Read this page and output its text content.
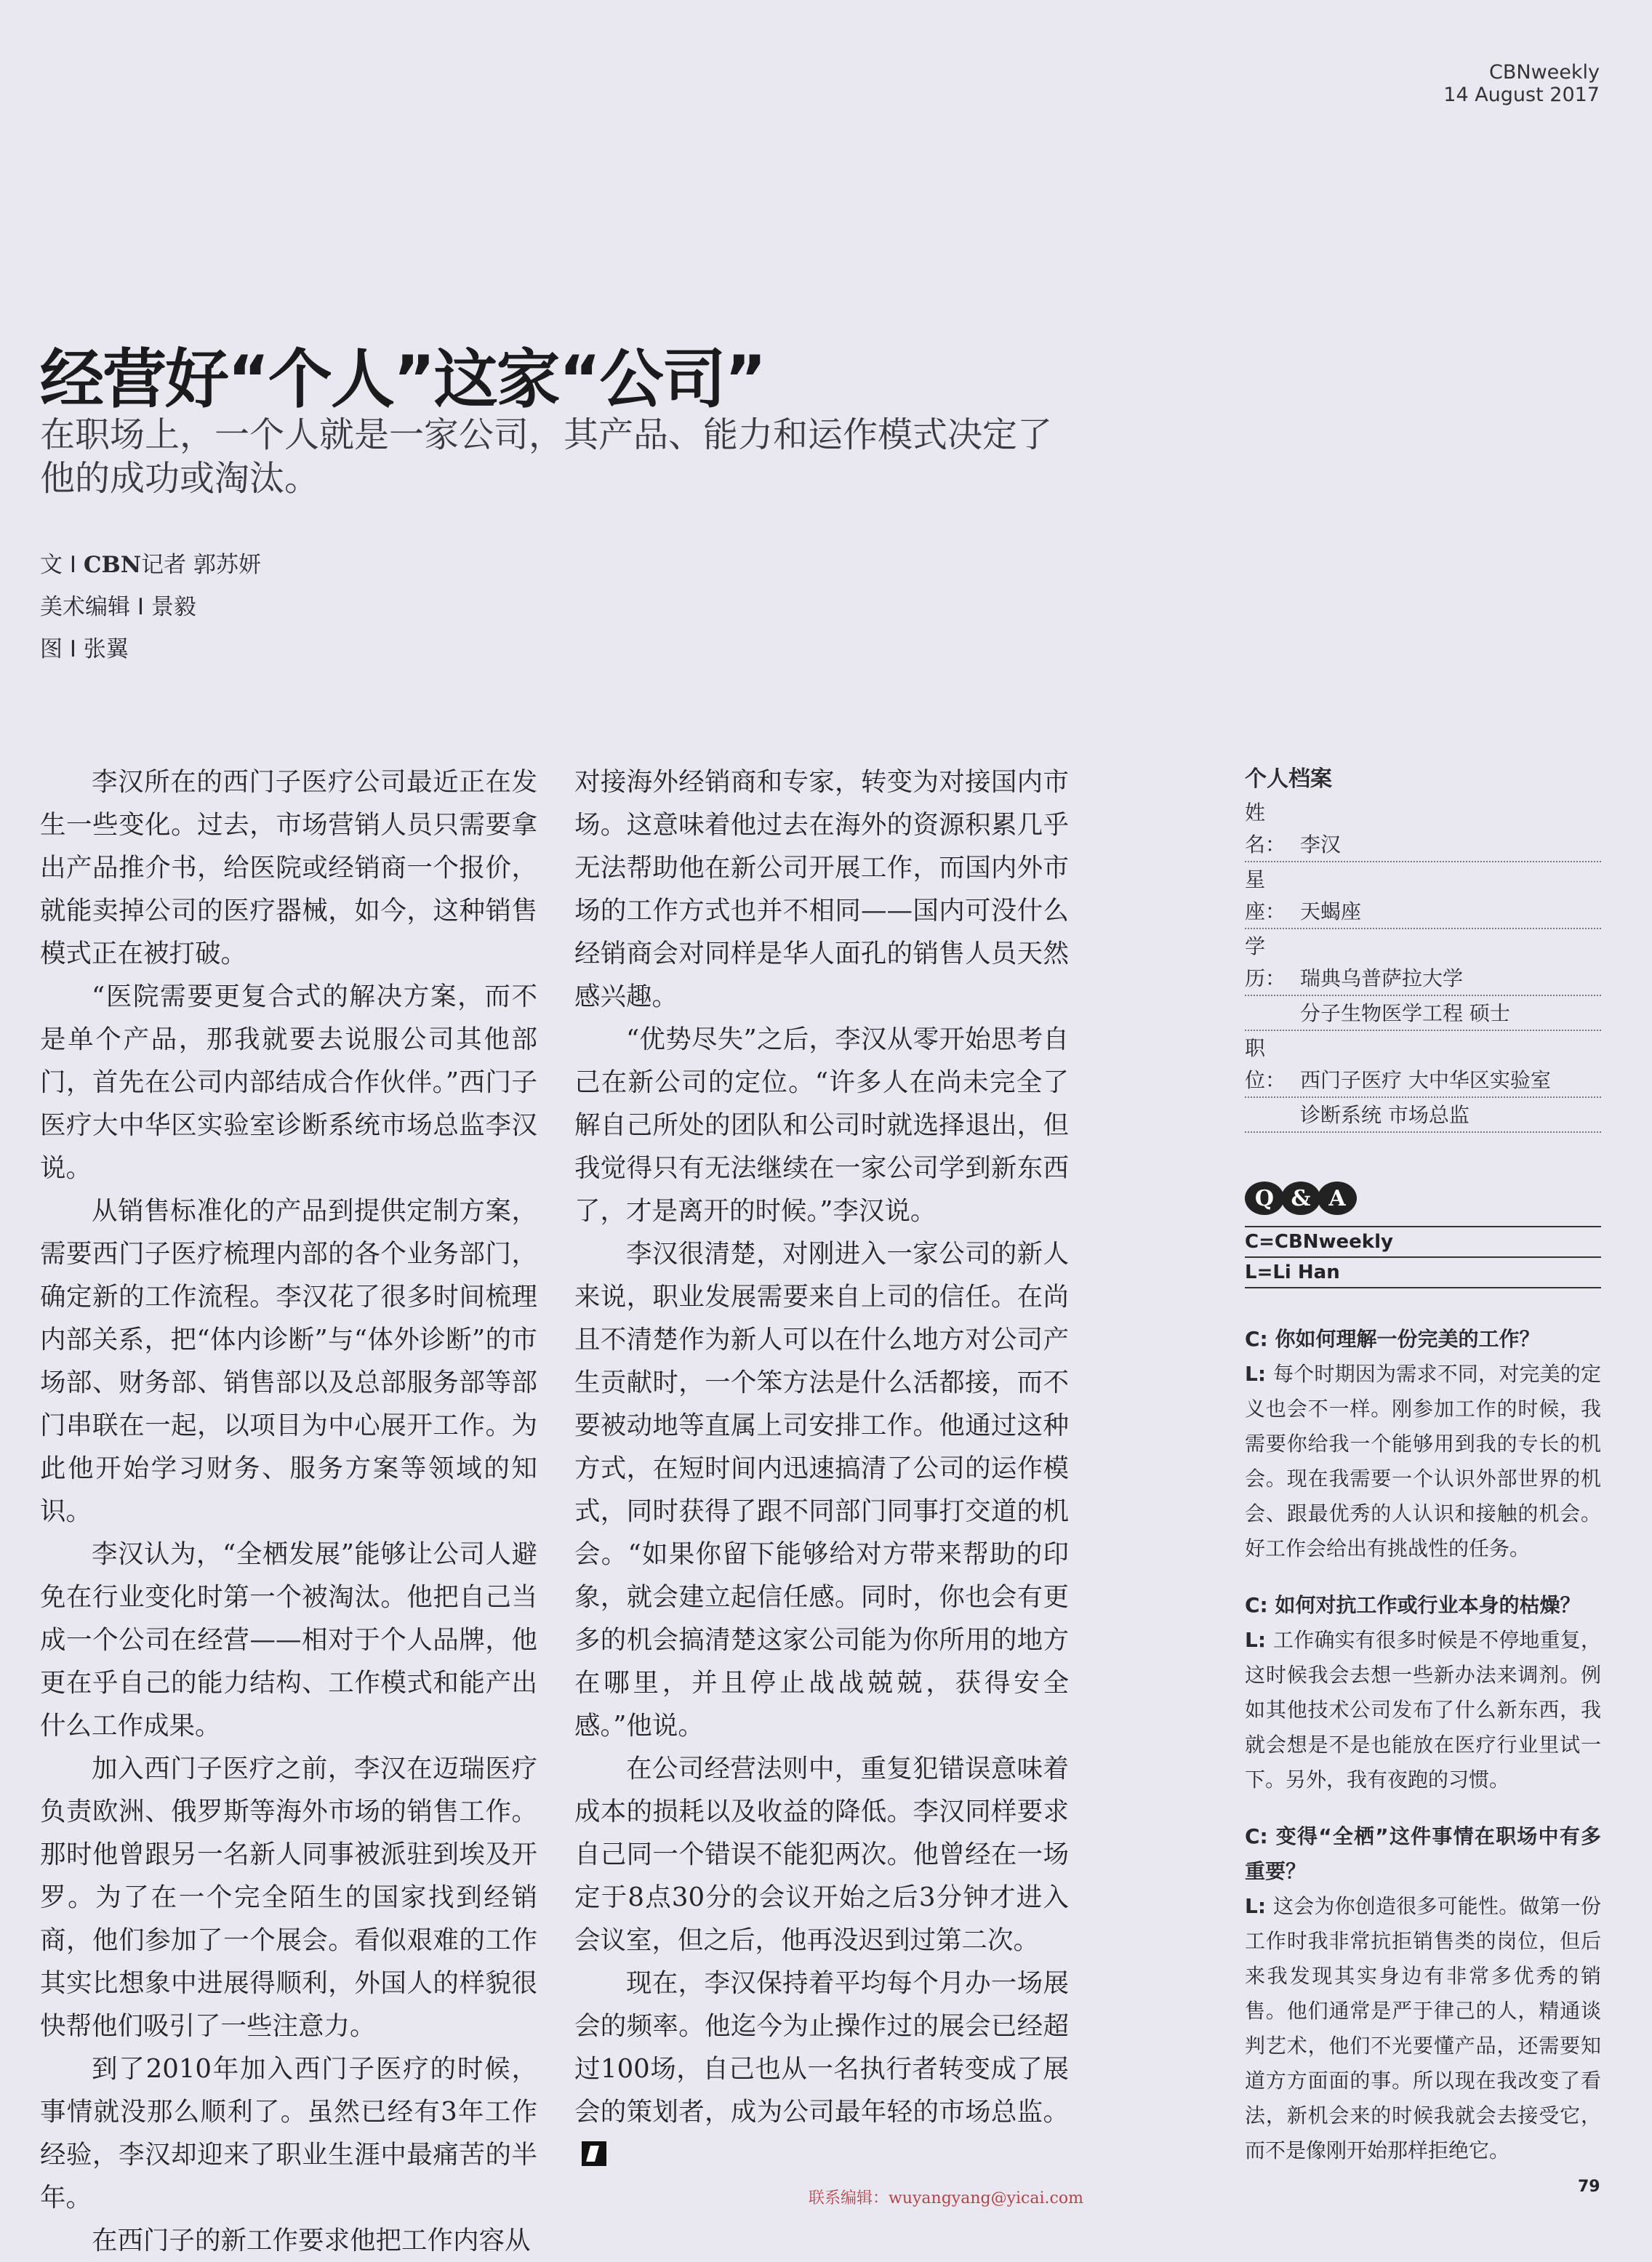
CBNweekly
14 August 2017
经营好“个人”这家“公司”

在职场上，一个人就是一家公司，其产品、能力和运作模式决定了他的成功或淘汰。

文 I CBN记者 郭苏妍
美术编辑 I 景毅
图 I 张翼

李汉所在的西门子医疗公司最近正在发生一些变化。过去，市场营销人员只需要拿出产品推介书，给医院或经销商一个报价，就能卖掉公司的医疗器械，如今，这种销售模式正在被打破。

“医院需要更复合式的解决方案，而不是单个产品，那我就要去说服公司其他部门，首先在公司内部结成合作伙伴。”西门子医疗大中华区实验室诊断系统市场总监李汉说。

从销售标准化的产品到提供定制方案，需要西门子医疗梳理内部的各个业务部门，确定新的工作流程。李汉花了很多时间梳理内部关系，把“体内诊断”与“体外诊断”的市场部、财务部、销售部以及总部服务部等部门串联在一起，以项目为中心展开工作。为此他开始学习财务、服务方案等领域的知识。

李汉认为，“全栖发展”能够让公司人避免在行业变化时第一个被淘汰。他把自己当成一个公司在经营——相对于个人品牌，他更在乎自己的能力结构、工作模式和能产出什么工作成果。

加入西门子医疗之前，李汉在迈瑞医疗负责欧洲、俄罗斯等海外市场的销售工作。那时他曾跟另一名新人同事被派驻到埃及开罗。为了在一个完全陌生的国家找到经销商，他们参加了一个展会。看似艰难的工作其实比想象中进展得顺利，外国人的样貌很快帮他们吸引了一些注意力。

到了2010年加入西门子医疗的时候，事情就没那么顺利了。虽然已经有3年工作经验，李汉却迎来了职业生涯中最痛苦的半年。

在西门子的新工作要求他把工作内容从

对接海外经销商和专家，转变为对接国内市场。这意味着他过去在海外的资源积累几乎无法帮助他在新公司开展工作，而国内外市场的工作方式也并不相同——国内可没什么经销商会对同样是华人面孔的销售人员天然感兴趣。

“优势尽失”之后，李汉从零开始思考自己在新公司的定位。“许多人在尚未完全了解自己所处的团队和公司时就选择退出，但我觉得只有无法继续在一家公司学到新东西了，才是离开的时候。”李汉说。

李汉很清楚，对刚进入一家公司的新人来说，职业发展需要来自上司的信任。在尚且不清楚作为新人可以在什么地方对公司产生贡献时，一个笨方法是什么活都接，而不要被动地等直属上司安排工作。他通过这种方式，在短时间内迅速搞清了公司的运作模式，同时获得了跟不同部门同事打交道的机会。“如果你留下能够给对方带来帮助的印象，就会建立起信任感。同时，你也会有更多的机会搞清楚这家公司能为你所用的地方在哪里，并且停止战战兢兢，获得安全感。”他说。

在公司经营法则中，重复犯错误意味着成本的损耗以及收益的降低。李汉同样要求自己同一个错误不能犯两次。他曾经在一场定于8点30分的会议开始之后3分钟才进入会议室，但之后，他再没迟到过第二次。

现在，李汉保持着平均每个月办一场展会的频率。他迄今为止操作过的展会已经超过100场，自己也从一名执行者转变成了展会的策划者，成为公司最年轻的市场总监。

联系编辑：wuyangyang@yicai.com
个人档案
姓名： 李汉
星座： 天蝎座
学历： 瑞典乌普萨拉大学
分子生物医学工程 硕士
职位： 西门子医疗 大中华区实验室
诊断系统 市场总监
Q & A
C=CBNweekly
L=Li Han
C: 你如何理解一份完美的工作？
L: 每个时期因为需求不同，对完美的定义也会不一样。刚参加工作的时候，我需要你给我一个能够用到我的专长的机会。现在我需要一个认识外部世界的机会、跟最优秀的人认识和接触的机会。好工作会给出有挑战性的任务。
C: 如何对抗工作或行业本身的枯燥？
L: 工作确实有很多时候是不停地重复，这时候我会去想一些新办法来调剂。例如其他技术公司发布了什么新东西，我就会想是不是也能放在医疗行业里试一下。另外，我有夜跑的习惯。
C: 变得“全栖”这件事情在职场中有多重要？
L: 这会为你创造很多可能性。做第一份工作时我非常抗拒销售类的岗位，但后来我发现其实身边有非常多优秀的销售。他们通常是严于律己的人，精通谈判艺术，他们不光要懂产品，还需要知道方方面面的事。所以现在我改变了看法，新机会来的时候我就会去接受它，而不是像刚开始那样拒绝它。
79
